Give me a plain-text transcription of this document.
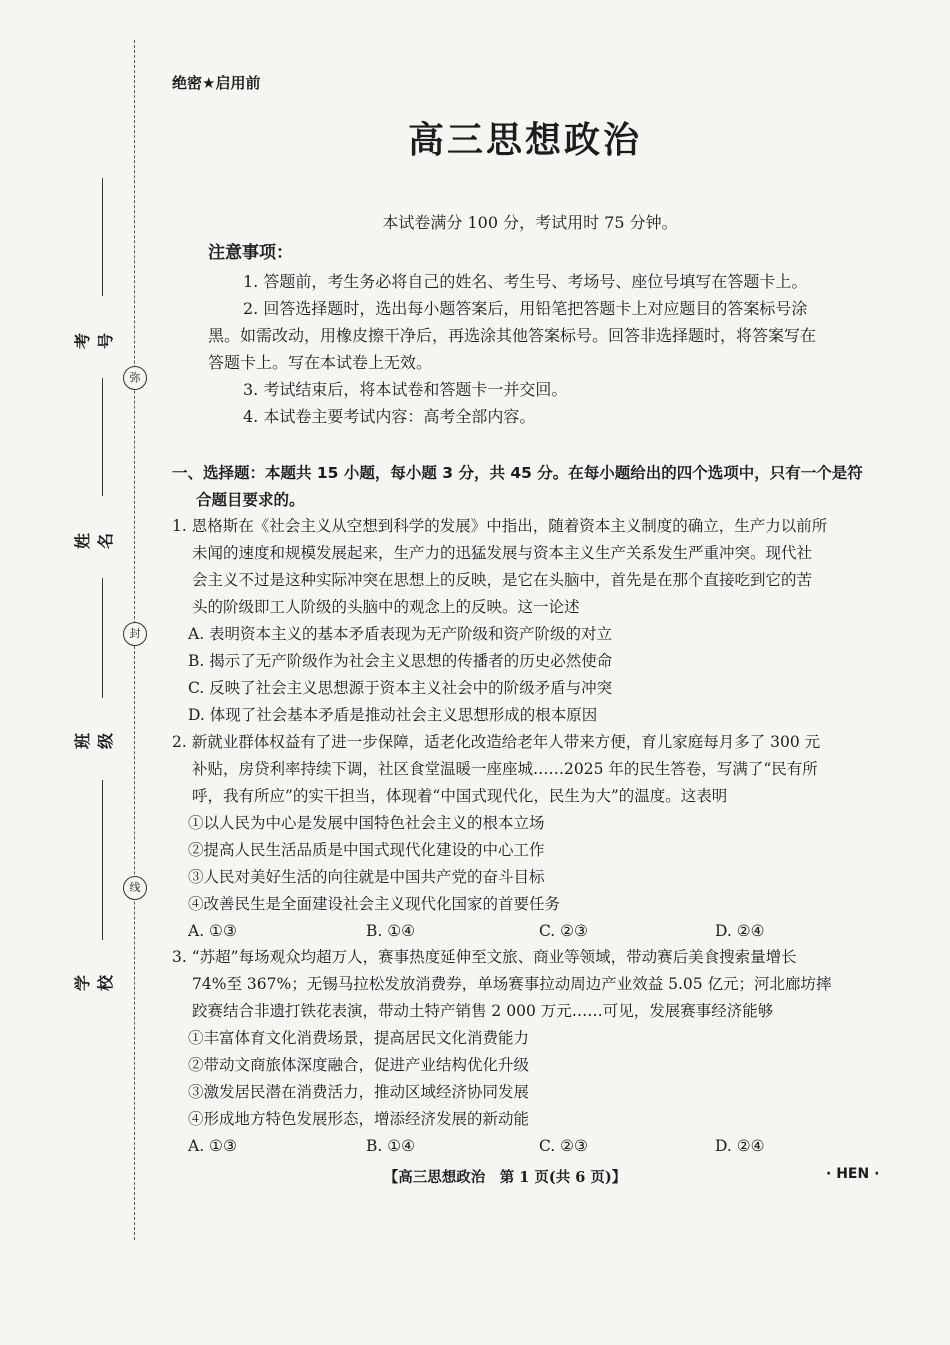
考号
姓名
班级
学校
弥
封
线
绝密★启用前
高三思想政治
本试卷满分 100 分，考试用时 75 分钟。
注意事项：
1. 答题前，考生务必将自己的姓名、考生号、考场号、座位号填写在答题卡上。
2. 回答选择题时，选出每小题答案后，用铅笔把答题卡上对应题目的答案标号涂
黑。如需改动，用橡皮擦干净后，再选涂其他答案标号。回答非选择题时，将答案写在
答题卡上。写在本试卷上无效。
3. 考试结束后，将本试卷和答题卡一并交回。
4. 本试卷主要考试内容：高考全部内容。
一、选择题：本题共 15 小题，每小题 3 分，共 45 分。在每小题给出的四个选项中，只有一个是符
合题目要求的。
1. 恩格斯在《社会主义从空想到科学的发展》中指出，随着资本主义制度的确立，生产力以前所
未闻的速度和规模发展起来，生产力的迅猛发展与资本主义生产关系发生严重冲突。现代社
会主义不过是这种实际冲突在思想上的反映，是它在头脑中，首先是在那个直接吃到它的苦
头的阶级即工人阶级的头脑中的观念上的反映。这一论述
A. 表明资本主义的基本矛盾表现为无产阶级和资产阶级的对立
B. 揭示了无产阶级作为社会主义思想的传播者的历史必然使命
C. 反映了社会主义思想源于资本主义社会中的阶级矛盾与冲突
D. 体现了社会基本矛盾是推动社会主义思想形成的根本原因
2. 新就业群体权益有了进一步保障，适老化改造给老年人带来方便，育儿家庭每月多了 300 元
补贴，房贷利率持续下调，社区食堂温暖一座座城……2025 年的民生答卷，写满了“民有所
呼，我有所应”的实干担当，体现着“中国式现代化，民生为大”的温度。这表明
①以人民为中心是发展中国特色社会主义的根本立场
②提高人民生活品质是中国式现代化建设的中心工作
③人民对美好生活的向往就是中国共产党的奋斗目标
④改善民生是全面建设社会主义现代化国家的首要任务
A. ①③	B. ①④	C. ②③	D. ②④
3. “苏超”每场观众均超万人，赛事热度延伸至文旅、商业等领域，带动赛后美食搜索量增长
74%至 367%；无锡马拉松发放消费券，单场赛事拉动周边产业效益 5.05 亿元；河北廊坊摔
跤赛结合非遗打铁花表演，带动土特产销售 2 000 万元……可见，发展赛事经济能够
①丰富体育文化消费场景，提高居民文化消费能力
②带动文商旅体深度融合，促进产业结构优化升级
③激发居民潜在消费活力，推动区域经济协同发展
④形成地方特色发展形态，增添经济发展的新动能
A. ①③	B. ①④	C. ②③	D. ②④
【高三思想政治　第 1 页(共 6 页)】	· HEN ·
